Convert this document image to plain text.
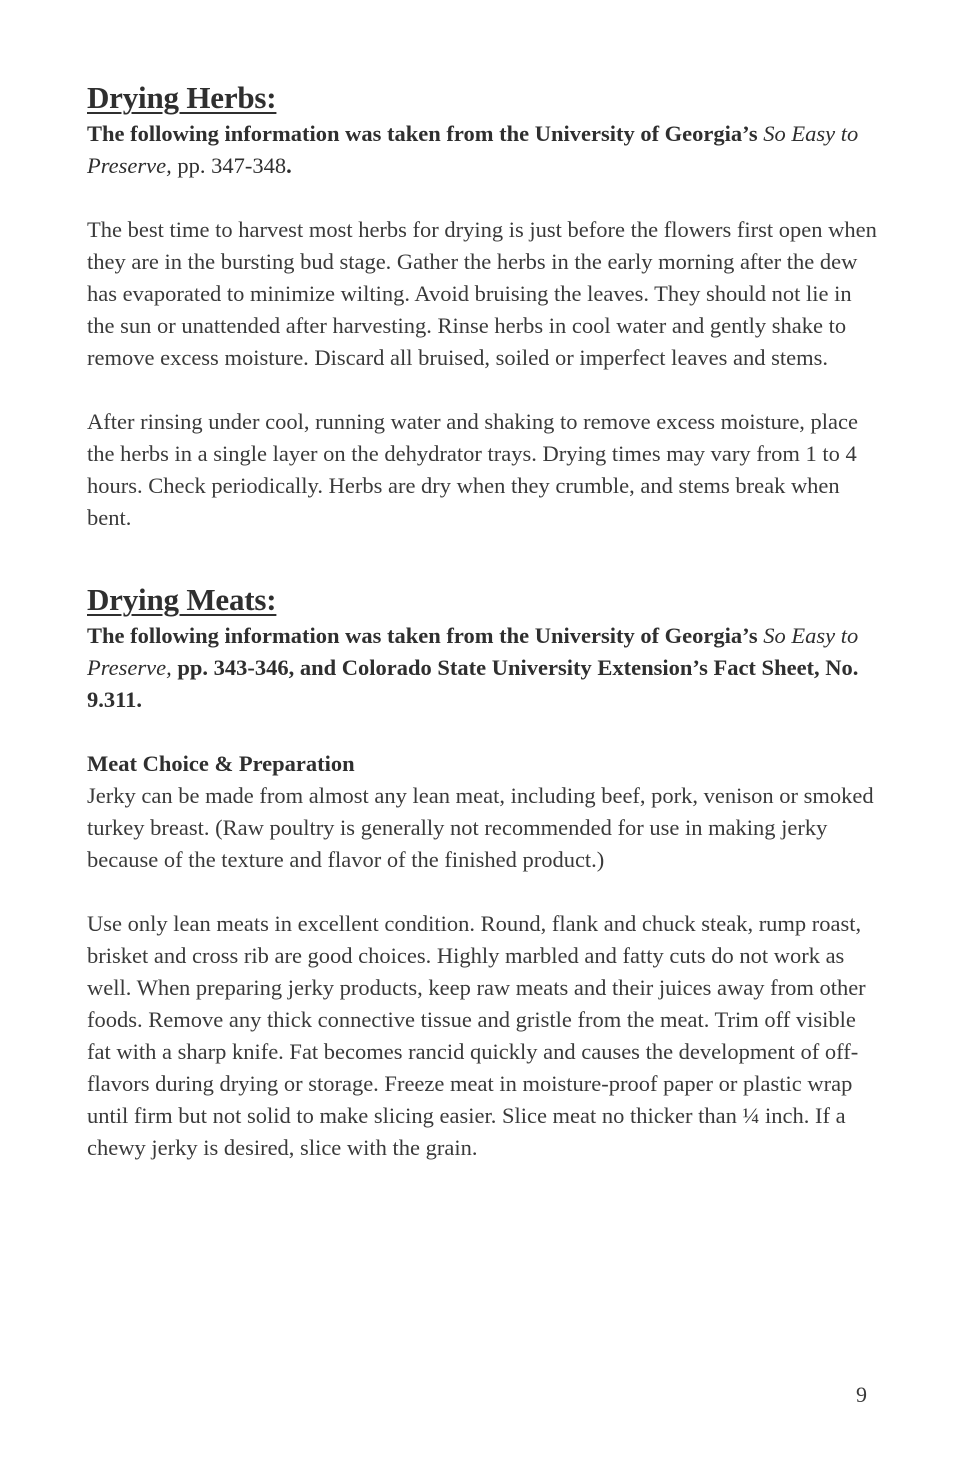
Drying Herbs:

The following information was taken from the University of Georgia’s So Easy to Preserve, pp. 347-348.

The best time to harvest most herbs for drying is just before the flowers first open when they are in the bursting bud stage. Gather the herbs in the early morning after the dew has evaporated to minimize wilting. Avoid bruising the leaves. They should not lie in the sun or unattended after harvesting. Rinse herbs in cool water and gently shake to remove excess moisture. Discard all bruised, soiled or imperfect leaves and stems.

After rinsing under cool, running water and shaking to remove excess moisture, place the herbs in a single layer on the dehydrator trays. Drying times may vary from 1 to 4 hours. Check periodically. Herbs are dry when they crumble, and stems break when bent.

Drying Meats:

The following information was taken from the University of Georgia’s So Easy to Preserve, pp. 343-346, and Colorado State University Extension’s Fact Sheet, No. 9.311.

Meat Choice & Preparation

Jerky can be made from almost any lean meat, including beef, pork, venison or smoked turkey breast. (Raw poultry is generally not recommended for use in making jerky because of the texture and flavor of the finished product.)

Use only lean meats in excellent condition. Round, flank and chuck steak, rump roast, brisket and cross rib are good choices. Highly marbled and fatty cuts do not work as well. When preparing jerky products, keep raw meats and their juices away from other foods. Remove any thick connective tissue and gristle from the meat. Trim off visible fat with a sharp knife. Fat becomes rancid quickly and causes the development of off-flavors during drying or storage. Freeze meat in moisture-proof paper or plastic wrap until firm but not solid to make slicing easier. Slice meat no thicker than ¼ inch. If a chewy jerky is desired, slice with the grain.

9
